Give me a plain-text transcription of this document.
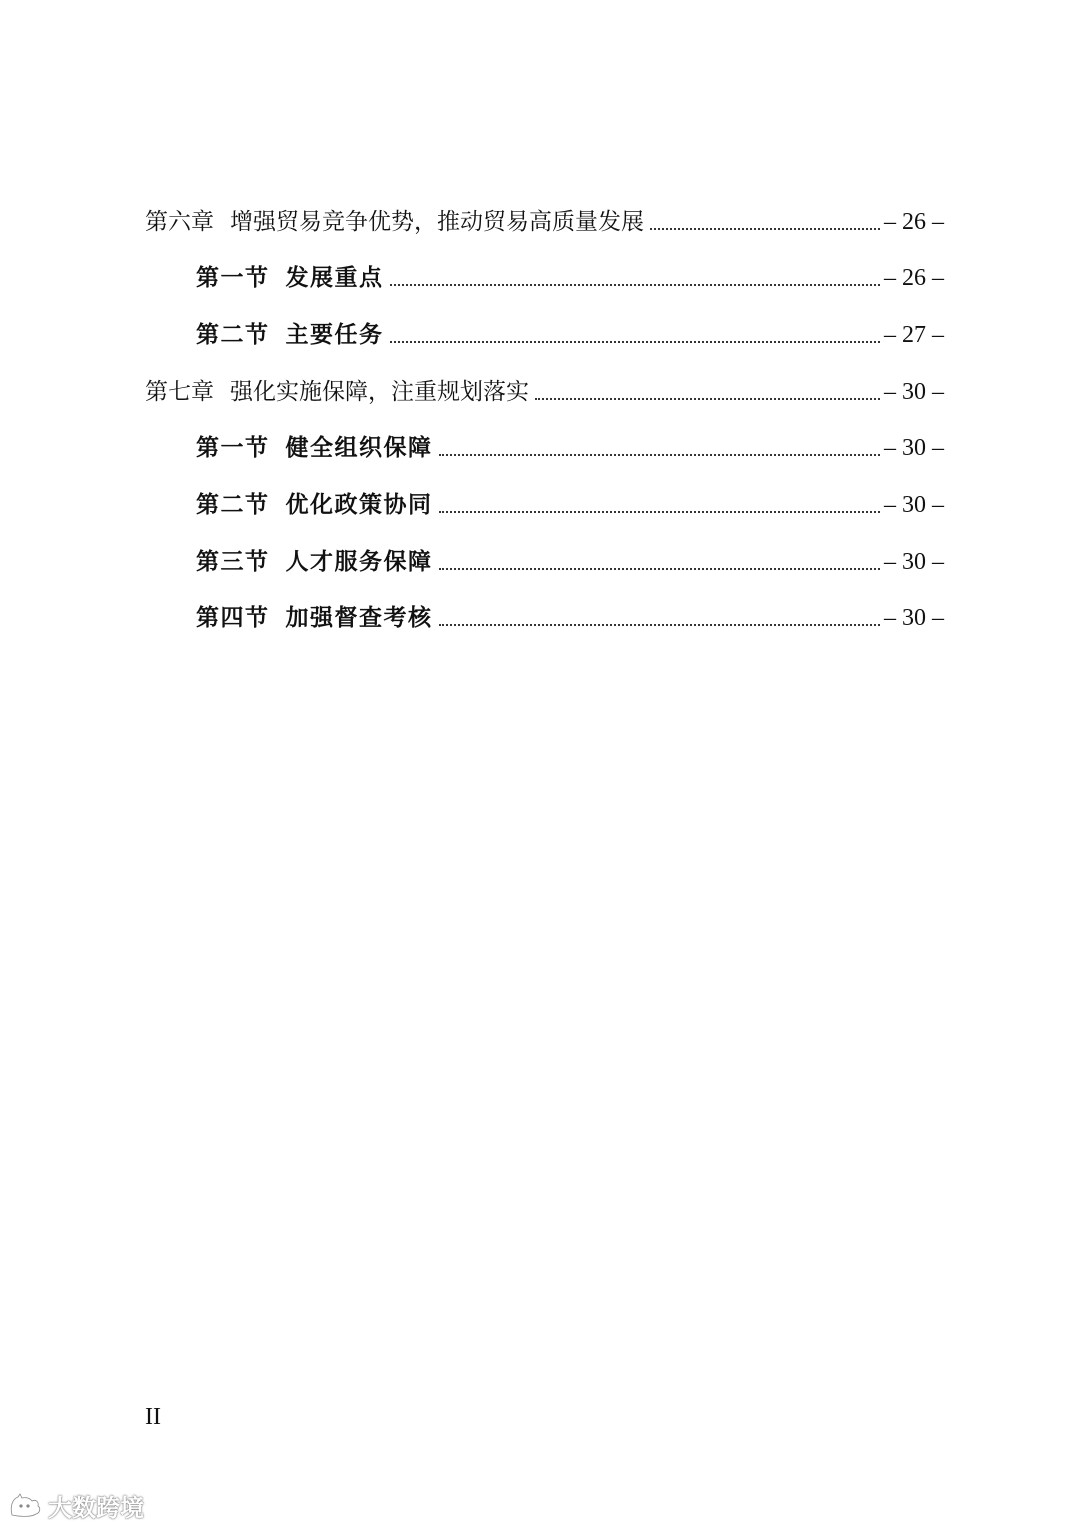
第六章 增强贸易竞争优势，推动贸易高质量发展	– 26 –
第一节 发展重点	– 26 –
第二节 主要任务	– 27 –
第七章 强化实施保障，注重规划落实	– 30 –
第一节 健全组织保障	– 30 –
第二节 优化政策协同	– 30 –
第三节 人才服务保障	– 30 –
第四节 加强督查考核	– 30 –
II
大数跨境
